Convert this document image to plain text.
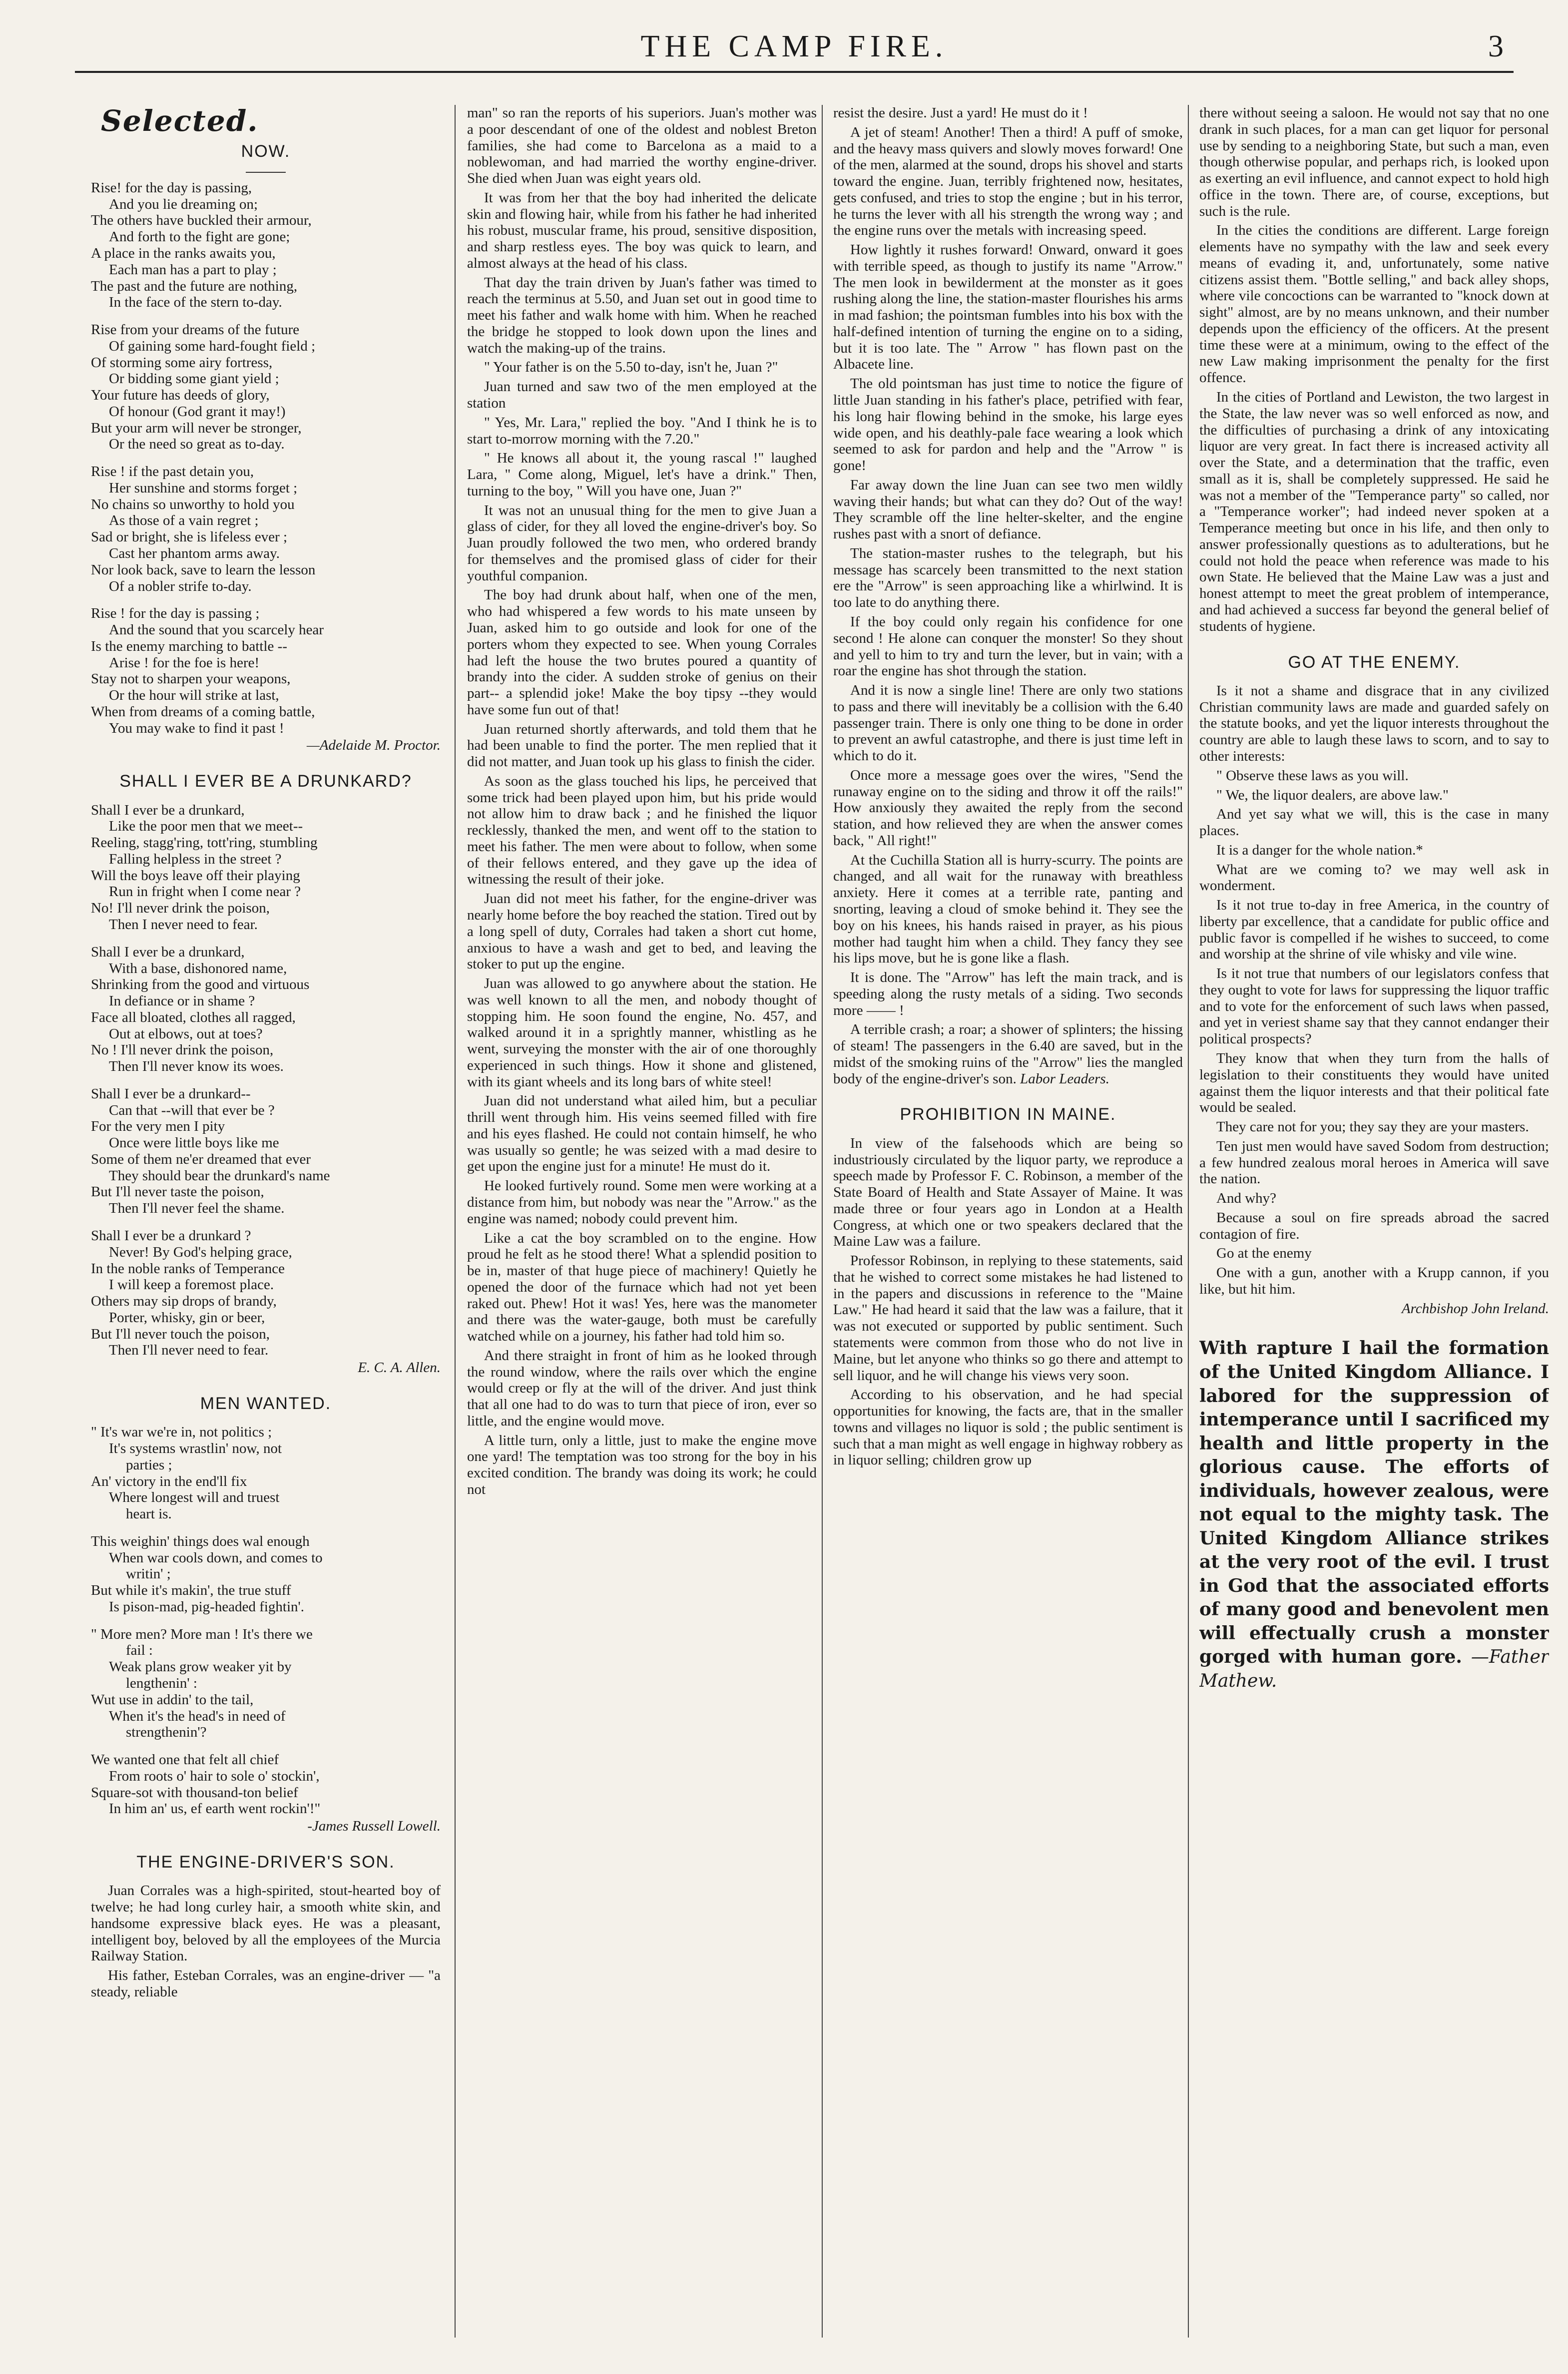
THE CAMP FIRE.	3
Selected.
NOW.
Rise! for the day is passing,
And you lie dreaming on;
The others have buckled their armour,
And forth to the fight are gone;
A place in the ranks awaits you,
Each man has a part to play ;
The past and the future are nothing,
In the face of the stern to-day.
Rise from your dreams of the future
Of gaining some hard-fought field ;
Of storming some airy fortress,
Or bidding some giant yield ;
Your future has deeds of glory,
Of honour (God grant it may!)
But your arm will never be stronger,
Or the need so great as to-day.
Rise ! if the past detain you,
Her sunshine and storms forget ;
No chains so unworthy to hold you
As those of a vain regret ;
Sad or bright, she is lifeless ever ;
Cast her phantom arms away.
Nor look back, save to learn the lesson
Of a nobler strife to-day.
Rise ! for the day is passing ;
And the sound that you scarcely hear
Is the enemy marching to battle --
Arise ! for the foe is here!
Stay not to sharpen your weapons,
Or the hour will strike at last,
When from dreams of a coming battle,
You may wake to find it past !
—Adelaide M. Proctor.
SHALL I EVER BE A DRUNKARD?
Shall I ever be a drunkard,
Like the poor men that we meet--
Reeling, stagg'ring, tott'ring, stumbling
Falling helpless in the street ?
Will the boys leave off their playing
Run in fright when I come near ?
No! I'll never drink the poison,
Then I never need to fear.
Shall I ever be a drunkard,
With a base, dishonored name,
Shrinking from the good and virtuous
In defiance or in shame ?
Face all bloated, clothes all ragged,
Out at elbows, out at toes?
No ! I'll never drink the poison,
Then I'll never know its woes.
Shall I ever be a drunkard--
Can that --will that ever be ?
For the very men I pity
Once were little boys like me
Some of them ne'er dreamed that ever
They should bear the drunkard's name
But I'll never taste the poison,
Then I'll never feel the shame.
Shall I ever be a drunkard ?
Never! By God's helping grace,
In the noble ranks of Temperance
I will keep a foremost place.
Others may sip drops of brandy,
Porter, whisky, gin or beer,
But I'll never touch the poison,
Then I'll never need to fear.
E. C. A. Allen.
MEN WANTED.
" It's war we're in, not politics ;
It's systems wrastlin' now, not
parties ;
An' victory in the end'll fix
Where longest will and truest
heart is.
This weighin' things does wal enough
When war cools down, and comes to
writin' ;
But while it's makin', the true stuff
Is pison-mad, pig-headed fightin'.
" More men? More man ! It's there we
fail :
Weak plans grow weaker yit by
lengthenin' :
Wut use in addin' to the tail,
When it's the head's in need of
strengthenin'?
We wanted one that felt all chief
From roots o' hair to sole o' stockin',
Square-sot with thousand-ton belief
In him an' us, ef earth went rockin'!"
-James Russell Lowell.
THE ENGINE-DRIVER'S SON.

Juan Corrales was a high-spirited, stout-hearted boy of twelve; he had long curley hair, a smooth white skin, and handsome expressive black eyes. He was a pleasant, intelligent boy, beloved by all the employees of the Murcia Railway Station.

His father, Esteban Corrales, was an engine-driver — "a steady, reliable

man" so ran the reports of his superiors. Juan's mother was a poor descendant of one of the oldest and noblest Breton families, she had come to Barcelona as a maid to a noblewoman, and had married the worthy engine-driver. She died when Juan was eight years old.

It was from her that the boy had inherited the delicate skin and flowing hair, while from his father he had inherited his robust, muscular frame, his proud, sensitive disposition, and sharp restless eyes. The boy was quick to learn, and almost always at the head of his class.

That day the train driven by Juan's father was timed to reach the terminus at 5.50, and Juan set out in good time to meet his father and walk home with him. When he reached the bridge he stopped to look down upon the lines and watch the making-up of the trains.

" Your father is on the 5.50 to-day, isn't he, Juan ?"

Juan turned and saw two of the men employed at the station

" Yes, Mr. Lara," replied the boy. "And I think he is to start to-morrow morning with the 7.20."

" He knows all about it, the young rascal !" laughed Lara, " Come along, Miguel, let's have a drink." Then, turning to the boy, " Will you have one, Juan ?"

It was not an unusual thing for the men to give Juan a glass of cider, for they all loved the engine-driver's boy. So Juan proudly followed the two men, who ordered brandy for themselves and the promised glass of cider for their youthful companion.

The boy had drunk about half, when one of the men, who had whispered a few words to his mate unseen by Juan, asked him to go outside and look for one of the porters whom they expected to see. When young Corrales had left the house the two brutes poured a quantity of brandy into the cider. A sudden stroke of genius on their part-- a splendid joke! Make the boy tipsy --they would have some fun out of that!

Juan returned shortly afterwards, and told them that he had been unable to find the porter. The men replied that it did not matter, and Juan took up his glass to finish the cider.

As soon as the glass touched his lips, he perceived that some trick had been played upon him, but his pride would not allow him to draw back ; and he finished the liquor recklessly, thanked the men, and went off to the station to meet his father. The men were about to follow, when some of their fellows entered, and they gave up the idea of witnessing the result of their joke.

Juan did not meet his father, for the engine-driver was nearly home before the boy reached the station. Tired out by a long spell of duty, Corrales had taken a short cut home, anxious to have a wash and get to bed, and leaving the stoker to put up the engine.

Juan was allowed to go anywhere about the station. He was well known to all the men, and nobody thought of stopping him. He soon found the engine, No. 457, and walked around it in a sprightly manner, whistling as he went, surveying the monster with the air of one thoroughly experienced in such things. How it shone and glistened, with its giant wheels and its long bars of white steel!

Juan did not understand what ailed him, but a peculiar thrill went through him. His veins seemed filled with fire and his eyes flashed. He could not contain himself, he who was usually so gentle; he was seized with a mad desire to get upon the engine just for a minute! He must do it.

He looked furtively round. Some men were working at a distance from him, but nobody was near the "Arrow." as the engine was named; nobody could prevent him.

Like a cat the boy scrambled on to the engine. How proud he felt as he stood there! What a splendid position to be in, master of that huge piece of machinery! Quietly he opened the door of the furnace which had not yet been raked out. Phew! Hot it was! Yes, here was the manometer and there was the water-gauge, both must be carefully watched while on a journey, his father had told him so.

And there straight in front of him as he looked through the round window, where the rails over which the engine would creep or fly at the will of the driver. And just think that all one had to do was to turn that piece of iron, ever so little, and the engine would move.

A little turn, only a little, just to make the engine move one yard! The temptation was too strong for the boy in his excited condition. The brandy was doing its work; he could not

resist the desire. Just a yard! He must do it !

A jet of steam! Another! Then a third! A puff of smoke, and the heavy mass quivers and slowly moves forward! One of the men, alarmed at the sound, drops his shovel and starts toward the engine. Juan, terribly frightened now, hesitates, gets confused, and tries to stop the engine ; but in his terror, he turns the lever with all his strength the wrong way ; and the engine runs over the metals with increasing speed.

How lightly it rushes forward! Onward, onward it goes with terrible speed, as though to justify its name "Arrow." The men look in bewilderment at the monster as it goes rushing along the line, the station-master flourishes his arms in mad fashion; the pointsman fumbles into his box with the half-defined intention of turning the engine on to a siding, but it is too late. The " Arrow " has flown past on the Albacete line.

The old pointsman has just time to notice the figure of little Juan standing in his father's place, petrified with fear, his long hair flowing behind in the smoke, his large eyes wide open, and his deathly-pale face wearing a look which seemed to ask for pardon and help and the "Arrow " is gone!

Far away down the line Juan can see two men wildly waving their hands; but what can they do? Out of the way! They scramble off the line helter-skelter, and the engine rushes past with a snort of defiance.

The station-master rushes to the telegraph, but his message has scarcely been transmitted to the next station ere the "Arrow" is seen approaching like a whirlwind. It is too late to do anything there.

If the boy could only regain his confidence for one second ! He alone can conquer the monster! So they shout and yell to him to try and turn the lever, but in vain; with a roar the engine has shot through the station.

And it is now a single line! There are only two stations to pass and there will inevitably be a collision with the 6.40 passenger train. There is only one thing to be done in order to prevent an awful catastrophe, and there is just time left in which to do it.

Once more a message goes over the wires, "Send the runaway engine on to the siding and throw it off the rails!" How anxiously they awaited the reply from the second station, and how relieved they are when the answer comes back, " All right!"

At the Cuchilla Station all is hurry-scurry. The points are changed, and all wait for the runaway with breathless anxiety. Here it comes at a terrible rate, panting and snorting, leaving a cloud of smoke behind it. They see the boy on his knees, his hands raised in prayer, as his pious mother had taught him when a child. They fancy they see his lips move, but he is gone like a flash.

It is done. The "Arrow" has left the main track, and is speeding along the rusty metals of a siding. Two seconds more —— !

A terrible crash; a roar; a shower of splinters; the hissing of steam! The passengers in the 6.40 are saved, but in the midst of the smoking ruins of the "Arrow" lies the mangled body of the engine-driver's son. Labor Leaders.

PROHIBITION IN MAINE.

In view of the falsehoods which are being so industriously circulated by the liquor party, we reproduce a speech made by Professor F. C. Robinson, a member of the State Board of Health and State Assayer of Maine. It was made three or four years ago in London at a Health Congress, at which one or two speakers declared that the Maine Law was a failure.

Professor Robinson, in replying to these statements, said that he wished to correct some mistakes he had listened to in the papers and discussions in reference to the "Maine Law." He had heard it said that the law was a failure, that it was not executed or supported by public sentiment. Such statements were common from those who do not live in Maine, but let anyone who thinks so go there and attempt to sell liquor, and he will change his views very soon.

According to his observation, and he had special opportunities for knowing, the facts are, that in the smaller towns and villages no liquor is sold ; the public sentiment is such that a man might as well engage in highway robbery as in liquor selling; children grow up

there without seeing a saloon. He would not say that no one drank in such places, for a man can get liquor for personal use by sending to a neighboring State, but such a man, even though otherwise popular, and perhaps rich, is looked upon as exerting an evil influence, and cannot expect to hold high office in the town. There are, of course, exceptions, but such is the rule.

In the cities the conditions are different. Large foreign elements have no sympathy with the law and seek every means of evading it, and, unfortunately, some native citizens assist them. "Bottle selling," and back alley shops, where vile concoctions can be warranted to "knock down at sight" almost, are by no means unknown, and their number depends upon the efficiency of the officers. At the present time these were at a minimum, owing to the effect of the new Law making imprisonment the penalty for the first offence.

In the cities of Portland and Lewiston, the two largest in the State, the law never was so well enforced as now, and the difficulties of purchasing a drink of any intoxicating liquor are very great. In fact there is increased activity all over the State, and a determination that the traffic, even small as it is, shall be completely suppressed. He said he was not a member of the "Temperance party" so called, nor a "Temperance worker"; had indeed never spoken at a Temperance meeting but once in his life, and then only to answer professionally questions as to adulterations, but he could not hold the peace when reference was made to his own State. He believed that the Maine Law was a just and honest attempt to meet the great problem of intemperance, and had achieved a success far beyond the general belief of students of hygiene.

GO AT THE ENEMY.

Is it not a shame and disgrace that in any civilized Christian community laws are made and guarded safely on the statute books, and yet the liquor interests throughout the country are able to laugh these laws to scorn, and to say to other interests:

" Observe these laws as you will.

" We, the liquor dealers, are above law."

And yet say what we will, this is the case in many places.

It is a danger for the whole nation.*

What are we coming to? we may well ask in wonderment.

Is it not true to-day in free America, in the country of liberty par excellence, that a candidate for public office and public favor is compelled if he wishes to succeed, to come and worship at the shrine of vile whisky and vile wine.

Is it not true that numbers of our legislators confess that they ought to vote for laws for suppressing the liquor traffic and to vote for the enforcement of such laws when passed, and yet in veriest shame say that they cannot endanger their political prospects?

They know that when they turn from the halls of legislation to their constituents they would have united against them the liquor interests and that their political fate would be sealed.

They care not for you; they say they are your masters.

Ten just men would have saved Sodom from destruction; a few hundred zealous moral heroes in America will save the nation.

And why?

Because a soul on fire spreads abroad the sacred contagion of fire.

Go at the enemy

One with a gun, another with a Krupp cannon, if you like, but hit him.

Archbishop John Ireland.
With rapture I hail the formation of the United Kingdom Alliance. I labored for the suppression of intemperance until I sacrificed my health and little property in the glorious cause. The efforts of individuals, however zealous, were not equal to the mighty task. The United Kingdom Alliance strikes at the very root of the evil. I trust in God that the associated efforts of many good and benevolent men will effectually crush a monster gorged with human gore. —Father Mathew.
